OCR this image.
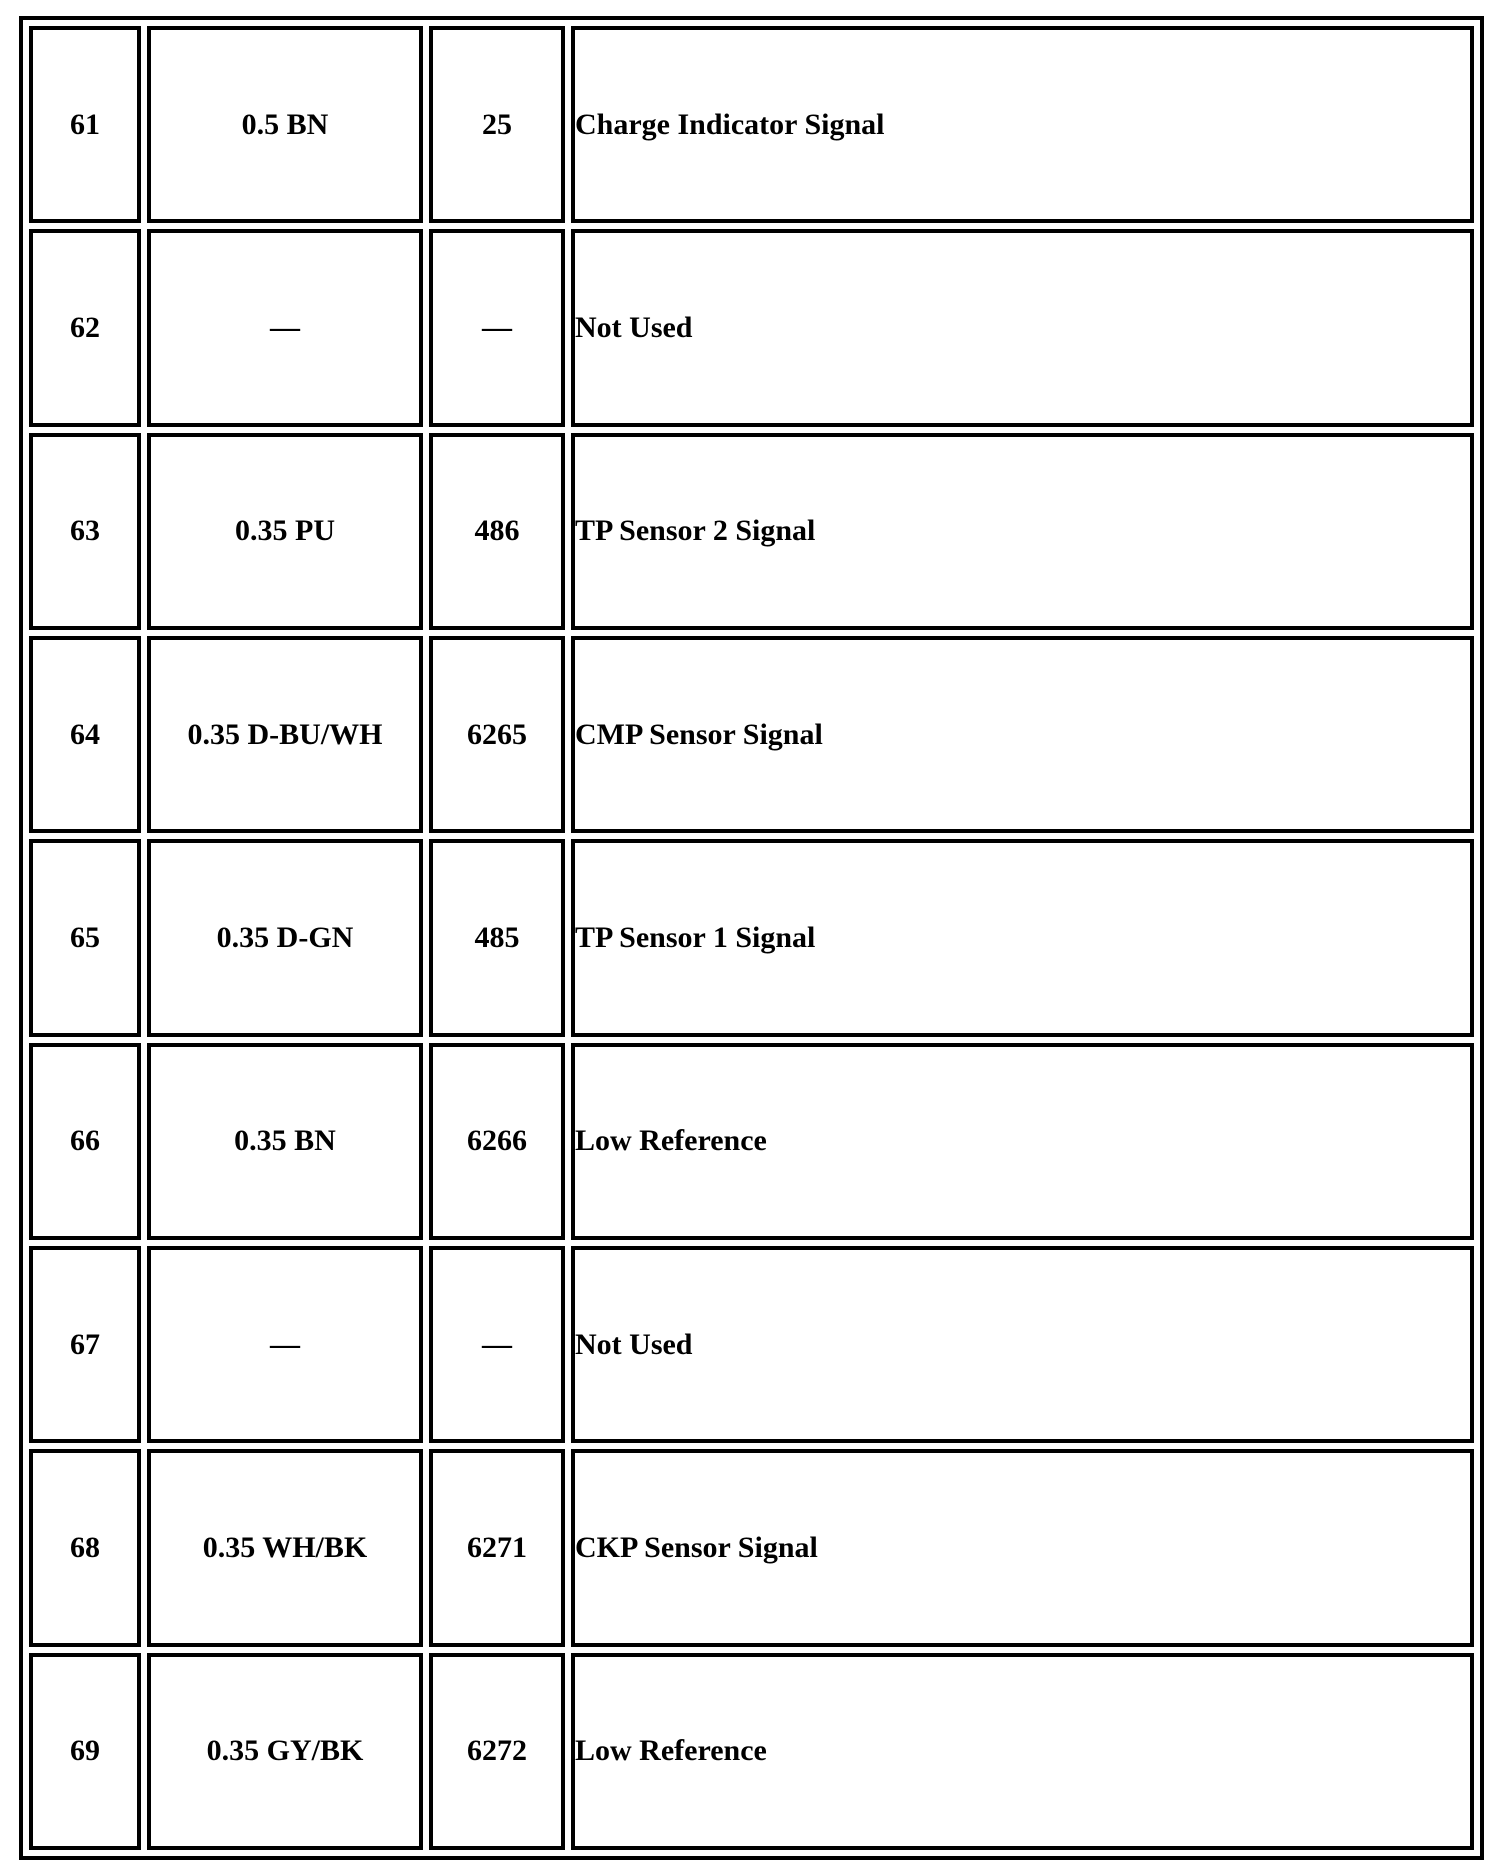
61	0.5 BN	25	Charge Indicator Signal
62	—	—	Not Used
63	0.35 PU	486	TP Sensor 2 Signal
64	0.35 D-BU/WH	6265	CMP Sensor Signal
65	0.35 D-GN	485	TP Sensor 1 Signal
66	0.35 BN	6266	Low Reference
67	—	—	Not Used
68	0.35 WH/BK	6271	CKP Sensor Signal
69	0.35 GY/BK	6272	Low Reference
